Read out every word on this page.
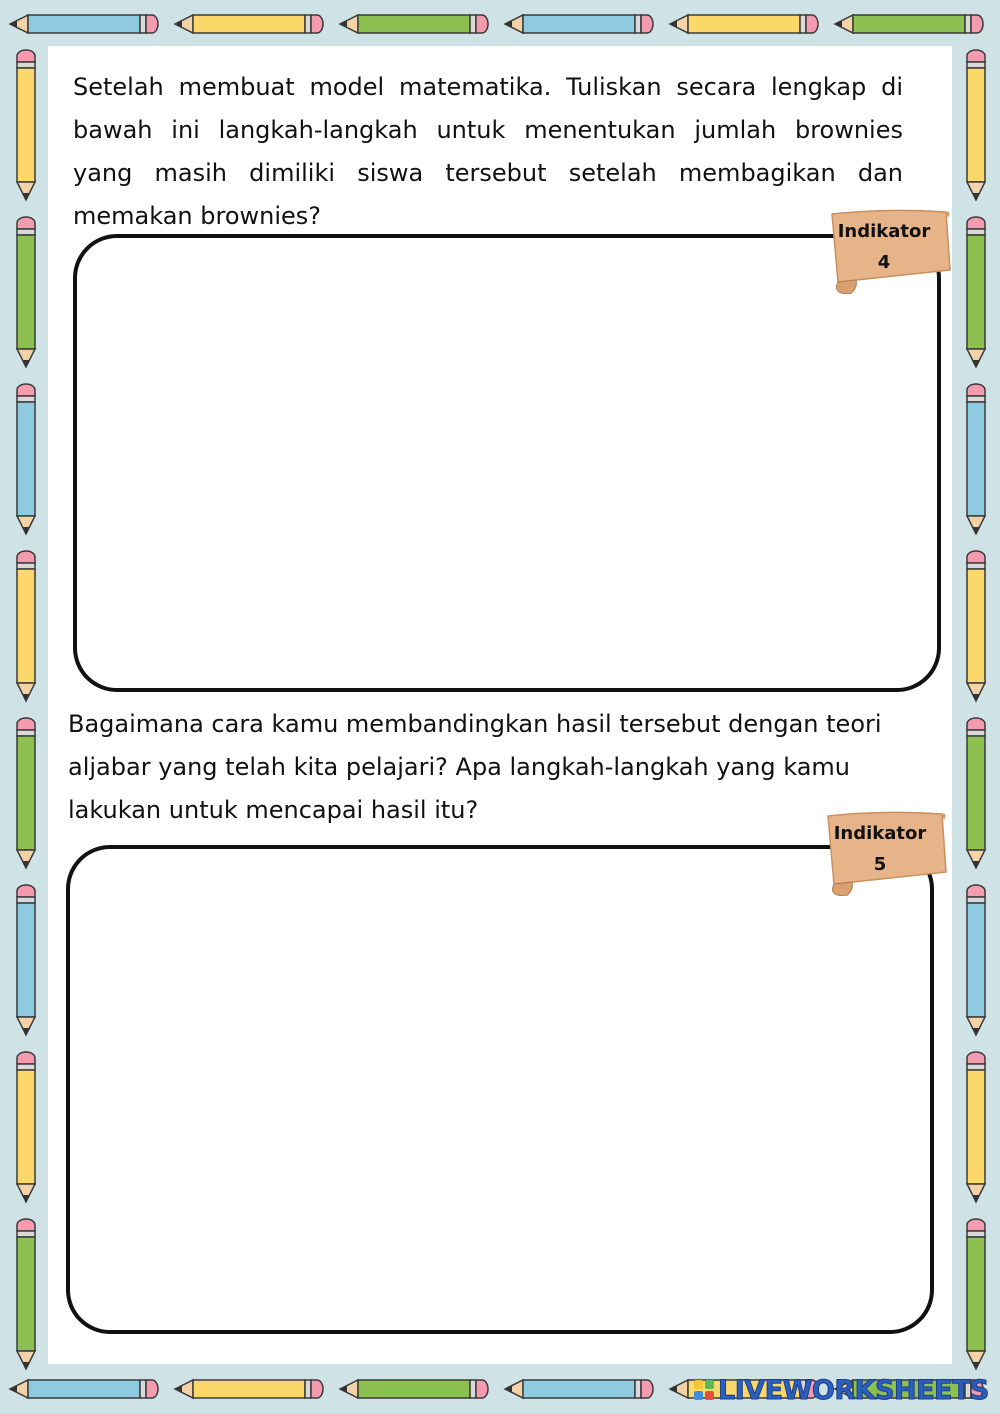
Setelah membuat model matematika. Tuliskan secara lengkap di bawah ini langkah-langkah untuk menentukan jumlah brownies yang masih dimiliki siswa tersebut setelah membagikan dan memakan brownies?

Indikator
4

Bagaimana cara kamu membandingkan hasil tersebut dengan teori aljabar yang telah kita pelajari? Apa langkah-langkah yang kamu lakukan untuk mencapai hasil itu?

Indikator
5
LIVEWORKSHEETS
